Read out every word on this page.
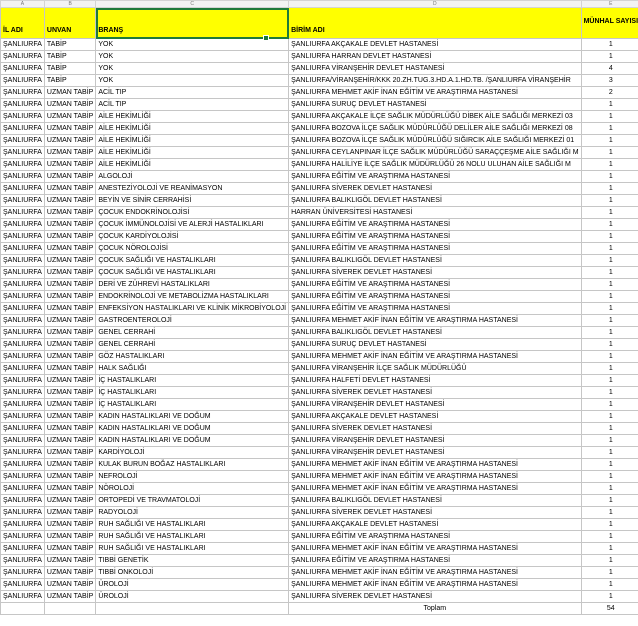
A	B	C	D	E
İL ADI	UNVAN	BRANŞ	BİRİM ADI	MÜNHAL SAYISI
ŞANLIURFA	TABİP	YOK	ŞANLIURFA AKÇAKALE DEVLET HASTANESİ	1
ŞANLIURFA	TABİP	YOK	ŞANLIURFA HARRAN DEVLET HASTANESİ	1
ŞANLIURFA	TABİP	YOK	ŞANLIURFA VİRANŞEHİR DEVLET HASTANESİ	4
ŞANLIURFA	TABİP	YOK	ŞANLIURFA/VİRANŞEHİR/KKK 20.ZH.TUG.3.HD.A.1.HD.TB. /ŞANLIURFA VİRANŞEHİR	3
ŞANLIURFA	UZMAN TABİP	ACİL TIP	ŞANLIURFA MEHMET AKİF İNAN EĞİTİM VE ARAŞTIRMA HASTANESİ	2
ŞANLIURFA	UZMAN TABİP	ACİL TIP	ŞANLIURFA SURUÇ DEVLET HASTANESİ	1
ŞANLIURFA	UZMAN TABİP	AİLE HEKİMLİĞİ	ŞANLIURFA AKÇAKALE İLÇE SAĞLIK MÜDÜRLÜĞÜ DİBEK AİLE SAĞLIĞI MERKEZİ 03	1
ŞANLIURFA	UZMAN TABİP	AİLE HEKİMLİĞİ	ŞANLIURFA BOZOVA İLÇE SAĞLIK MÜDÜRLÜĞÜ DELİLER AİLE SAĞLIĞI MERKEZİ 08	1
ŞANLIURFA	UZMAN TABİP	AİLE HEKİMLİĞİ	ŞANLIURFA BOZOVA İLÇE SAĞLIK MÜDÜRLÜĞÜ SIĞIRCIK AİLE SAĞLIĞI MERKEZİ 01	1
ŞANLIURFA	UZMAN TABİP	AİLE HEKİMLİĞİ	ŞANLIURFA CEYLANPINAR İLÇE SAĞLIK MÜDÜRLÜĞÜ SARAÇÇEŞME AİLE SAĞLIĞI M	1
ŞANLIURFA	UZMAN TABİP	AİLE HEKİMLİĞİ	ŞANLIURFA HALİLİYE İLÇE SAĞLIK MÜDÜRLÜĞÜ 26 NOLU ULUHAN AİLE SAĞLIĞI M	1
ŞANLIURFA	UZMAN TABİP	ALGOLOJİ	ŞANLIURFA EĞİTİM VE ARAŞTIRMA HASTANESİ	1
ŞANLIURFA	UZMAN TABİP	ANESTEZİYOLOJİ VE REANİMASYON	ŞANLIURFA SİVEREK DEVLET HASTANESİ	1
ŞANLIURFA	UZMAN TABİP	BEYİN VE SİNİR CERRAHİSİ	ŞANLIURFA BALIKLIGÖL DEVLET HASTANESİ	1
ŞANLIURFA	UZMAN TABİP	ÇOCUK ENDOKRİNOLOJİSİ	HARRAN ÜNİVERSİTESİ HASTANESİ	1
ŞANLIURFA	UZMAN TABİP	ÇOCUK İMMÜNOLOJİSİ VE ALERJİ HASTALIKLARI	ŞANLIURFA EĞİTİM VE ARAŞTIRMA HASTANESİ	1
ŞANLIURFA	UZMAN TABİP	ÇOCUK KARDİYOLOJİSİ	ŞANLIURFA EĞİTİM VE ARAŞTIRMA HASTANESİ	1
ŞANLIURFA	UZMAN TABİP	ÇOCUK NÖROLOJİSİ	ŞANLIURFA EĞİTİM VE ARAŞTIRMA HASTANESİ	1
ŞANLIURFA	UZMAN TABİP	ÇOCUK SAĞLIĞI VE HASTALIKLARI	ŞANLIURFA BALIKLIGÖL DEVLET HASTANESİ	1
ŞANLIURFA	UZMAN TABİP	ÇOCUK SAĞLIĞI VE HASTALIKLARI	ŞANLIURFA SİVEREK DEVLET HASTANESİ	1
ŞANLIURFA	UZMAN TABİP	DERİ VE ZÜHREVİ HASTALIKLARI	ŞANLIURFA EĞİTİM VE ARAŞTIRMA HASTANESİ	1
ŞANLIURFA	UZMAN TABİP	ENDOKRİNOLOJİ VE METABOLİZMA HASTALIKLARI	ŞANLIURFA EĞİTİM VE ARAŞTIRMA HASTANESİ	1
ŞANLIURFA	UZMAN TABİP	ENFEKSİYON HASTALIKLARI VE KLİNİK MİKROBİYOLOJİ	ŞANLIURFA EĞİTİM VE ARAŞTIRMA HASTANESİ	1
ŞANLIURFA	UZMAN TABİP	GASTROENTEROLOJİ	ŞANLIURFA MEHMET AKİF İNAN EĞİTİM VE ARAŞTIRMA HASTANESİ	1
ŞANLIURFA	UZMAN TABİP	GENEL CERRAHİ	ŞANLIURFA BALIKLIGÖL DEVLET HASTANESİ	1
ŞANLIURFA	UZMAN TABİP	GENEL CERRAHİ	ŞANLIURFA SURUÇ DEVLET HASTANESİ	1
ŞANLIURFA	UZMAN TABİP	GÖZ HASTALIKLARI	ŞANLIURFA MEHMET AKİF İNAN EĞİTİM VE ARAŞTIRMA HASTANESİ	1
ŞANLIURFA	UZMAN TABİP	HALK SAĞLIĞI	ŞANLIURFA VİRANŞEHİR İLÇE SAĞLIK MÜDÜRLÜĞÜ	1
ŞANLIURFA	UZMAN TABİP	İÇ HASTALIKLARI	ŞANLIURFA HALFETİ DEVLET HASTANESİ	1
ŞANLIURFA	UZMAN TABİP	İÇ HASTALIKLARI	ŞANLIURFA SİVEREK DEVLET HASTANESİ	1
ŞANLIURFA	UZMAN TABİP	İÇ HASTALIKLARI	ŞANLIURFA VİRANŞEHİR DEVLET HASTANESİ	1
ŞANLIURFA	UZMAN TABİP	KADIN HASTALIKLARI VE DOĞUM	ŞANLIURFA AKÇAKALE DEVLET HASTANESİ	1
ŞANLIURFA	UZMAN TABİP	KADIN HASTALIKLARI VE DOĞUM	ŞANLIURFA SİVEREK DEVLET HASTANESİ	1
ŞANLIURFA	UZMAN TABİP	KADIN HASTALIKLARI VE DOĞUM	ŞANLIURFA VİRANŞEHİR DEVLET HASTANESİ	1
ŞANLIURFA	UZMAN TABİP	KARDİYOLOJİ	ŞANLIURFA VİRANŞEHİR DEVLET HASTANESİ	1
ŞANLIURFA	UZMAN TABİP	KULAK BURUN BOĞAZ HASTALIKLARI	ŞANLIURFA MEHMET AKİF İNAN EĞİTİM VE ARAŞTIRMA HASTANESİ	1
ŞANLIURFA	UZMAN TABİP	NEFROLOJİ	ŞANLIURFA MEHMET AKİF İNAN EĞİTİM VE ARAŞTIRMA HASTANESİ	1
ŞANLIURFA	UZMAN TABİP	NÖROLOJİ	ŞANLIURFA MEHMET AKİF İNAN EĞİTİM VE ARAŞTIRMA HASTANESİ	1
ŞANLIURFA	UZMAN TABİP	ORTOPEDİ VE TRAVMATOLOJİ	ŞANLIURFA BALIKLIGÖL DEVLET HASTANESİ	1
ŞANLIURFA	UZMAN TABİP	RADYOLOJİ	ŞANLIURFA SİVEREK DEVLET HASTANESİ	1
ŞANLIURFA	UZMAN TABİP	RUH SAĞLIĞI VE HASTALIKLARI	ŞANLIURFA AKÇAKALE DEVLET HASTANESİ	1
ŞANLIURFA	UZMAN TABİP	RUH SAĞLIĞI VE HASTALIKLARI	ŞANLIURFA EĞİTİM VE ARAŞTIRMA HASTANESİ	1
ŞANLIURFA	UZMAN TABİP	RUH SAĞLIĞI VE HASTALIKLARI	ŞANLIURFA MEHMET AKİF İNAN EĞİTİM VE ARAŞTIRMA HASTANESİ	1
ŞANLIURFA	UZMAN TABİP	TIBBİ GENETİK	ŞANLIURFA EĞİTİM VE ARAŞTIRMA HASTANESİ	1
ŞANLIURFA	UZMAN TABİP	TIBBİ ONKOLOJİ	ŞANLIURFA MEHMET AKİF İNAN EĞİTİM VE ARAŞTIRMA HASTANESİ	1
ŞANLIURFA	UZMAN TABİP	ÜROLOJİ	ŞANLIURFA MEHMET AKİF İNAN EĞİTİM VE ARAŞTIRMA HASTANESİ	1
ŞANLIURFA	UZMAN TABİP	ÜROLOJİ	ŞANLIURFA SİVEREK DEVLET HASTANESİ	1
			Toplam	54
